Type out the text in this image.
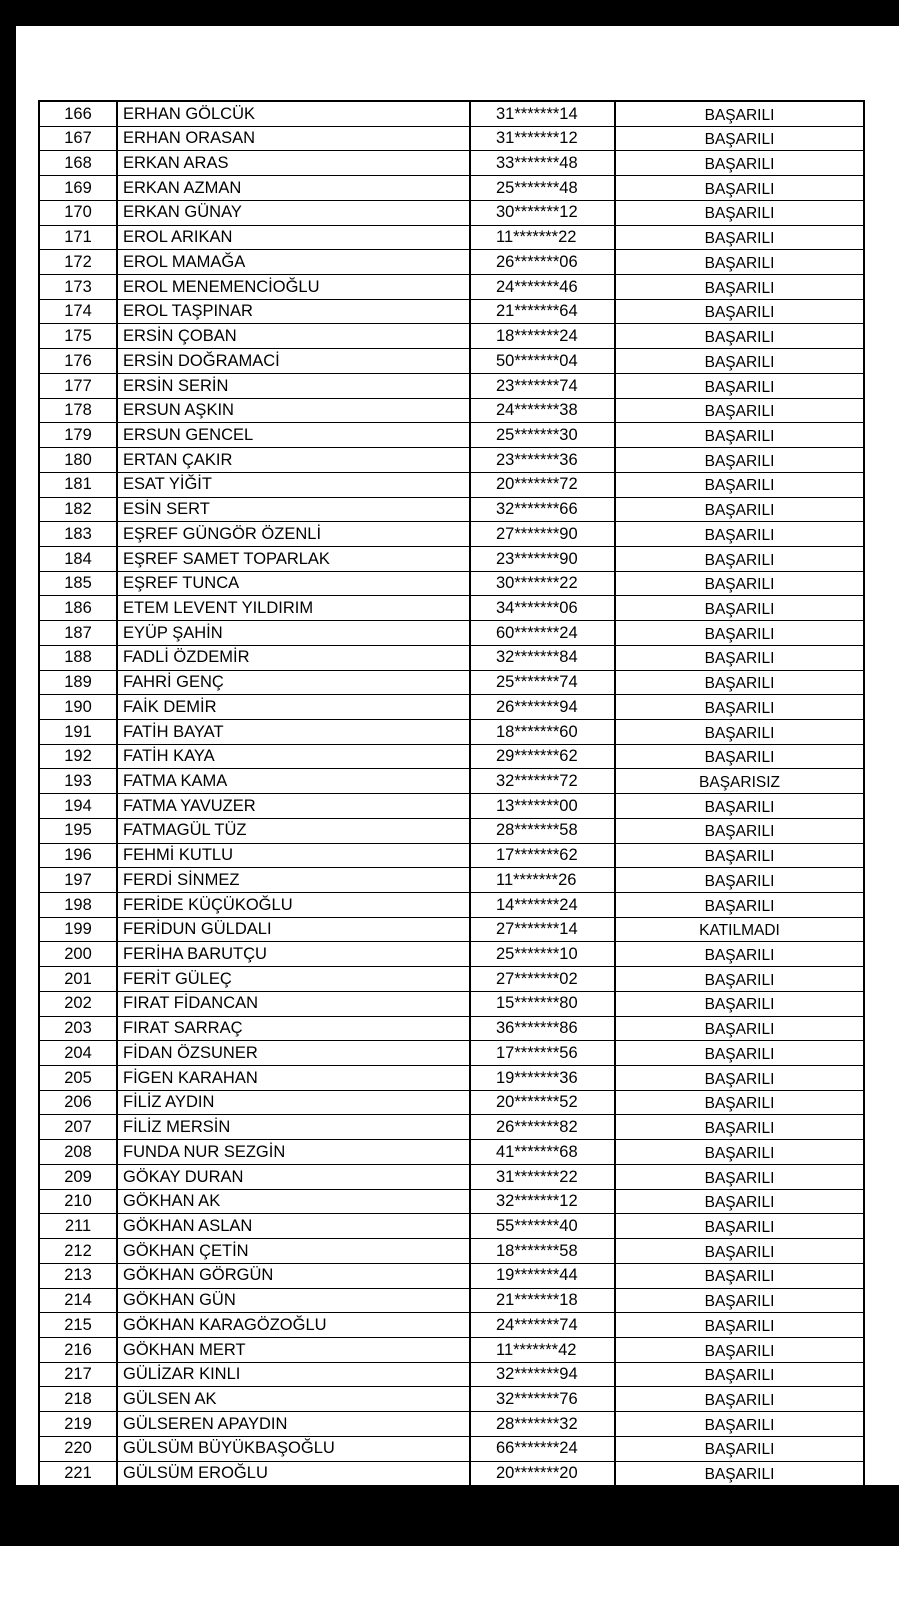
166	ERHAN GÖLCÜK	31*******14	BAŞARILI
167	ERHAN ORASAN	31*******12	BAŞARILI
168	ERKAN ARAS	33*******48	BAŞARILI
169	ERKAN AZMAN	25*******48	BAŞARILI
170	ERKAN GÜNAY	30*******12	BAŞARILI
171	EROL ARIKAN	11*******22	BAŞARILI
172	EROL MAMAĞA	26*******06	BAŞARILI
173	EROL MENEMENCİOĞLU	24*******46	BAŞARILI
174	EROL TAŞPINAR	21*******64	BAŞARILI
175	ERSİN ÇOBAN	18*******24	BAŞARILI
176	ERSİN DOĞRAMACİ	50*******04	BAŞARILI
177	ERSİN SERİN	23*******74	BAŞARILI
178	ERSUN AŞKIN	24*******38	BAŞARILI
179	ERSUN GENCEL	25*******30	BAŞARILI
180	ERTAN ÇAKIR	23*******36	BAŞARILI
181	ESAT YİĞİT	20*******72	BAŞARILI
182	ESİN SERT	32*******66	BAŞARILI
183	EŞREF GÜNGÖR ÖZENLİ	27*******90	BAŞARILI
184	EŞREF SAMET TOPARLAK	23*******90	BAŞARILI
185	EŞREF TUNCA	30*******22	BAŞARILI
186	ETEM LEVENT YILDIRIM	34*******06	BAŞARILI
187	EYÜP ŞAHİN	60*******24	BAŞARILI
188	FADLİ ÖZDEMİR	32*******84	BAŞARILI
189	FAHRİ GENÇ	25*******74	BAŞARILI
190	FAİK DEMİR	26*******94	BAŞARILI
191	FATİH BAYAT	18*******60	BAŞARILI
192	FATİH KAYA	29*******62	BAŞARILI
193	FATMA KAMA	32*******72	BAŞARISIZ
194	FATMA YAVUZER	13*******00	BAŞARILI
195	FATMAGÜL TÜZ	28*******58	BAŞARILI
196	FEHMİ KUTLU	17*******62	BAŞARILI
197	FERDİ SİNMEZ	11*******26	BAŞARILI
198	FERİDE KÜÇÜKOĞLU	14*******24	BAŞARILI
199	FERİDUN GÜLDALI	27*******14	KATILMADI
200	FERİHA BARUTÇU	25*******10	BAŞARILI
201	FERİT GÜLEÇ	27*******02	BAŞARILI
202	FIRAT FİDANCAN	15*******80	BAŞARILI
203	FIRAT SARRAÇ	36*******86	BAŞARILI
204	FİDAN ÖZSUNER	17*******56	BAŞARILI
205	FİGEN KARAHAN	19*******36	BAŞARILI
206	FİLİZ AYDIN	20*******52	BAŞARILI
207	FİLİZ MERSİN	26*******82	BAŞARILI
208	FUNDA NUR SEZGİN	41*******68	BAŞARILI
209	GÖKAY DURAN	31*******22	BAŞARILI
210	GÖKHAN AK	32*******12	BAŞARILI
211	GÖKHAN ASLAN	55*******40	BAŞARILI
212	GÖKHAN ÇETİN	18*******58	BAŞARILI
213	GÖKHAN GÖRGÜN	19*******44	BAŞARILI
214	GÖKHAN GÜN	21*******18	BAŞARILI
215	GÖKHAN KARAGÖZOĞLU	24*******74	BAŞARILI
216	GÖKHAN MERT	11*******42	BAŞARILI
217	GÜLİZAR KINLI	32*******94	BAŞARILI
218	GÜLSEN AK	32*******76	BAŞARILI
219	GÜLSEREN APAYDIN	28*******32	BAŞARILI
220	GÜLSÜM BÜYÜKBAŞOĞLU	66*******24	BAŞARILI
221	GÜLSÜM EROĞLU	20*******20	BAŞARILI
